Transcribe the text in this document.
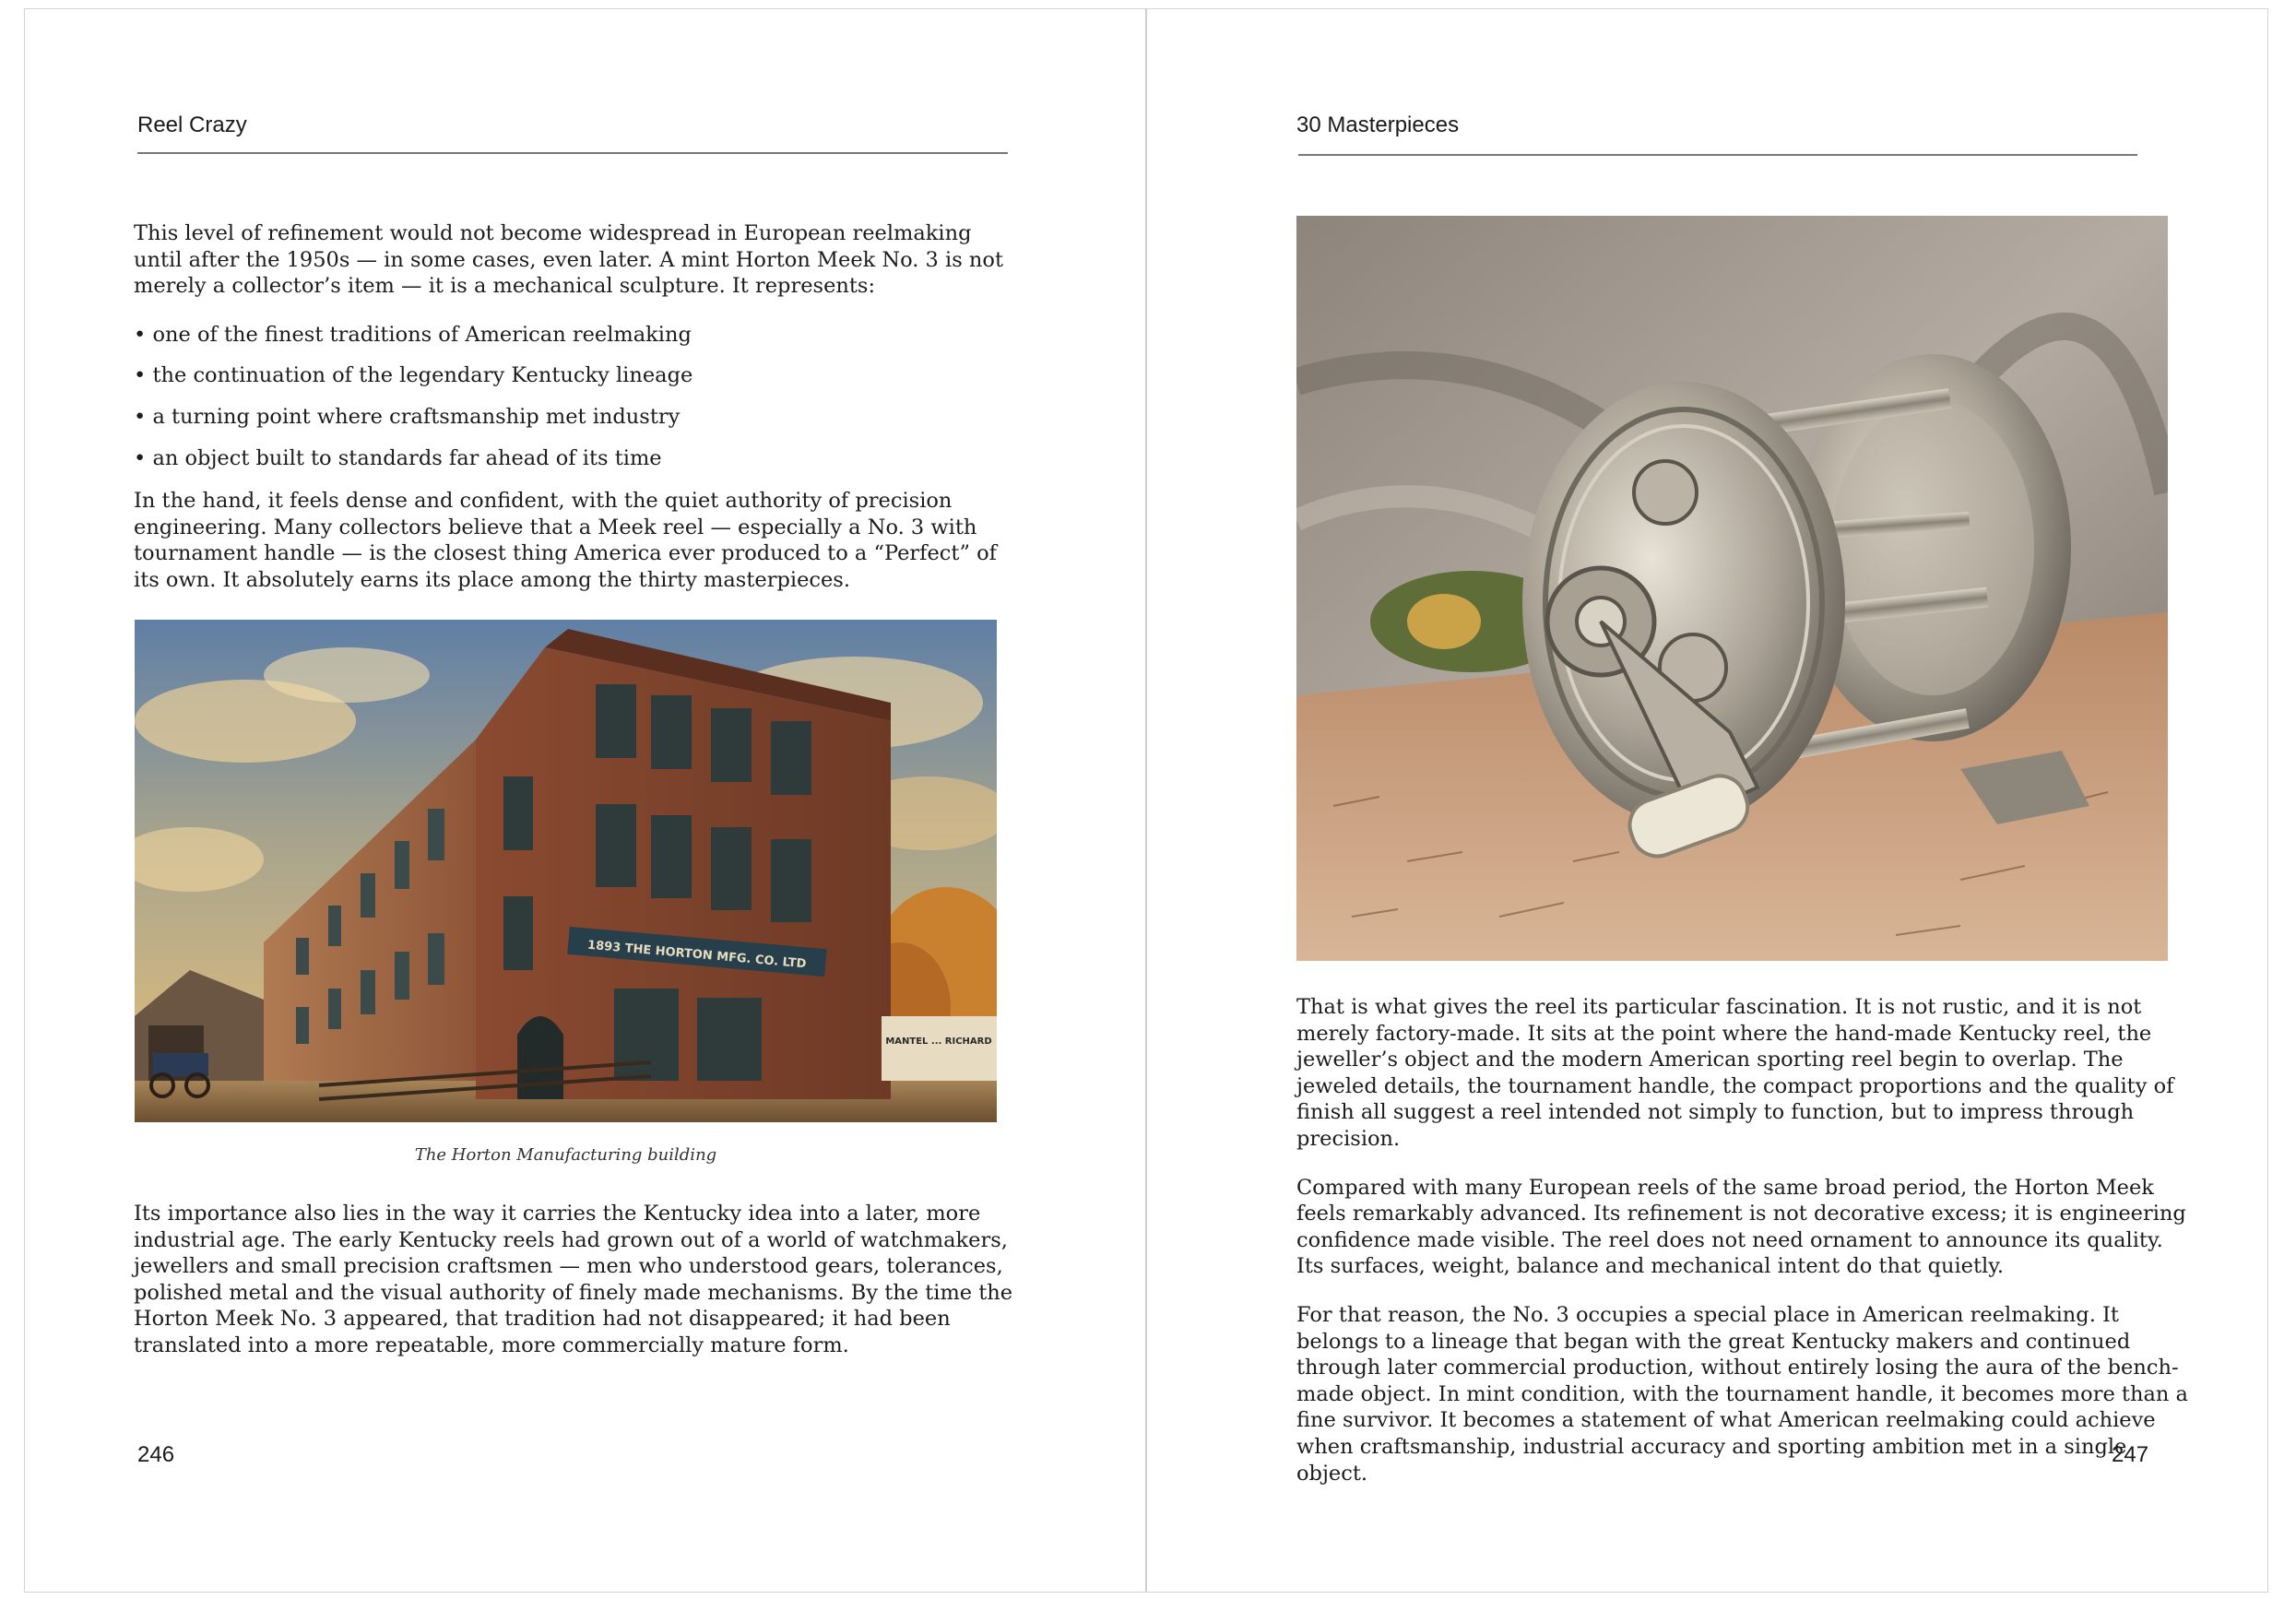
Reel Crazy

This level of refinement would not become widespread in European reelmaking until after the 1950s — in some cases, even later. A mint Horton Meek No. 3 is not merely a collector’s item — it is a mechanical sculpture. It represents:

• one of the finest traditions of American reelmaking
• the continuation of the legendary Kentucky lineage
• a turning point where craftsmanship met industry
• an object built to standards far ahead of its time

In the hand, it feels dense and confident, with the quiet authority of precision engineering. Many collectors believe that a Meek reel — especially a No. 3 with tournament handle — is the closest thing America ever produced to a “Perfect” of its own. It absolutely earns its place among the thirty masterpieces.

1893 THE HORTON MFG. CO. LTD
MANTEL ... RICHARD

The Horton Manufacturing building

Its importance also lies in the way it carries the Kentucky idea into a later, more industrial age. The early Kentucky reels had grown out of a world of watchmakers, jewellers and small precision craftsmen — men who understood gears, tolerances, polished metal and the visual authority of finely made mechanisms. By the time the Horton Meek No. 3 appeared, that tradition had not disappeared; it had been translated into a more repeatable, more commercially mature form.

246

30 Masterpieces

That is what gives the reel its particular fascination. It is not rustic, and it is not merely factory-made. It sits at the point where the hand-made Kentucky reel, the jeweller’s object and the modern American sporting reel begin to overlap. The jeweled details, the tournament handle, the compact proportions and the quality of finish all suggest a reel intended not simply to function, but to impress through precision.

Compared with many European reels of the same broad period, the Horton Meek feels remarkably advanced. Its refinement is not decorative excess; it is engineering confidence made visible. The reel does not need ornament to announce its quality. Its surfaces, weight, balance and mechanical intent do that quietly.

For that reason, the No. 3 occupies a special place in American reelmaking. It belongs to a lineage that began with the great Kentucky makers and continued through later commercial production, without entirely losing the aura of the bench-made object. In mint condition, with the tournament handle, it becomes more than a fine survivor. It becomes a statement of what American reelmaking could achieve when craftsmanship, industrial accuracy and sporting ambition met in a single object.

247
